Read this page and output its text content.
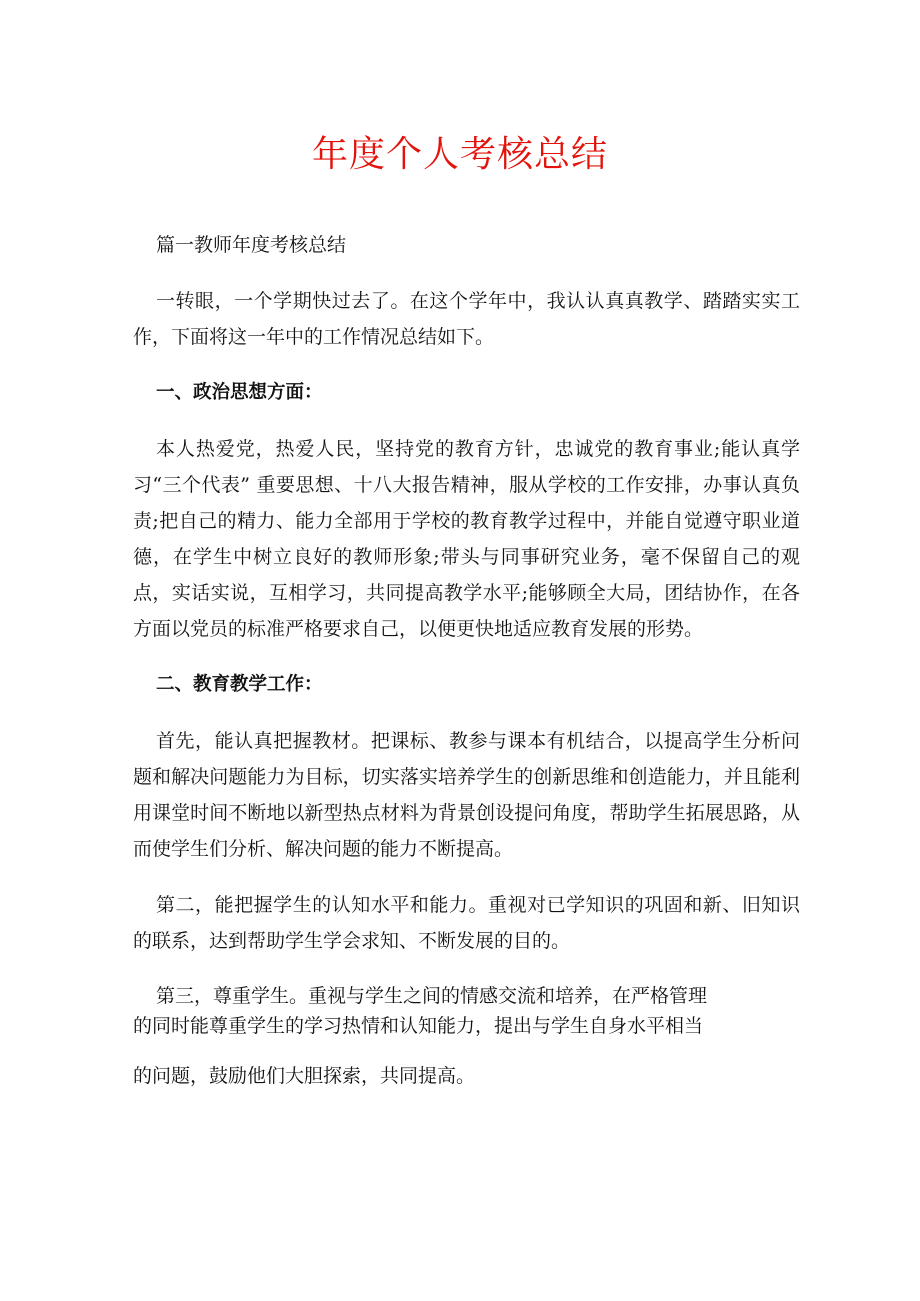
年度个人考核总结

篇一教师年度考核总结

一转眼，一个学期快过去了。在这个学年中，我认认真真教学、踏踏实实工作，下面将这一年中的工作情况总结如下。

一、政治思想方面：

本人热爱党，热爱人民，坚持党的教育方针，忠诚党的教育事业;能认真学习“三个代表” 重要思想、十八大报告精神，服从学校的工作安排，办事认真负责;把自己的精力、能力全部用于学校的教育教学过程中，并能自觉遵守职业道德，在学生中树立良好的教师形象;带头与同事研究业务，毫不保留自己的观点，实话实说，互相学习，共同提高教学水平;能够顾全大局，团结协作，在各方面以党员的标准严格要求自己，以便更快地适应教育发展的形势。

二、教育教学工作：

首先，能认真把握教材。把课标、教参与课本有机结合，以提高学生分析问题和解决问题能力为目标，切实落实培养学生的创新思维和创造能力，并且能利用课堂时间不断地以新型热点材料为背景创设提问角度，帮助学生拓展思路，从而使学生们分析、解决问题的能力不断提高。

第二，能把握学生的认知水平和能力。重视对已学知识的巩固和新、旧知识的联系，达到帮助学生学会求知、不断发展的目的。

第三，尊重学生。重视与学生之间的情感交流和培养，在严格管理

的同时能尊重学生的学习热情和认知能力，提出与学生自身水平相当

的问题，鼓励他们大胆探索，共同提高。
